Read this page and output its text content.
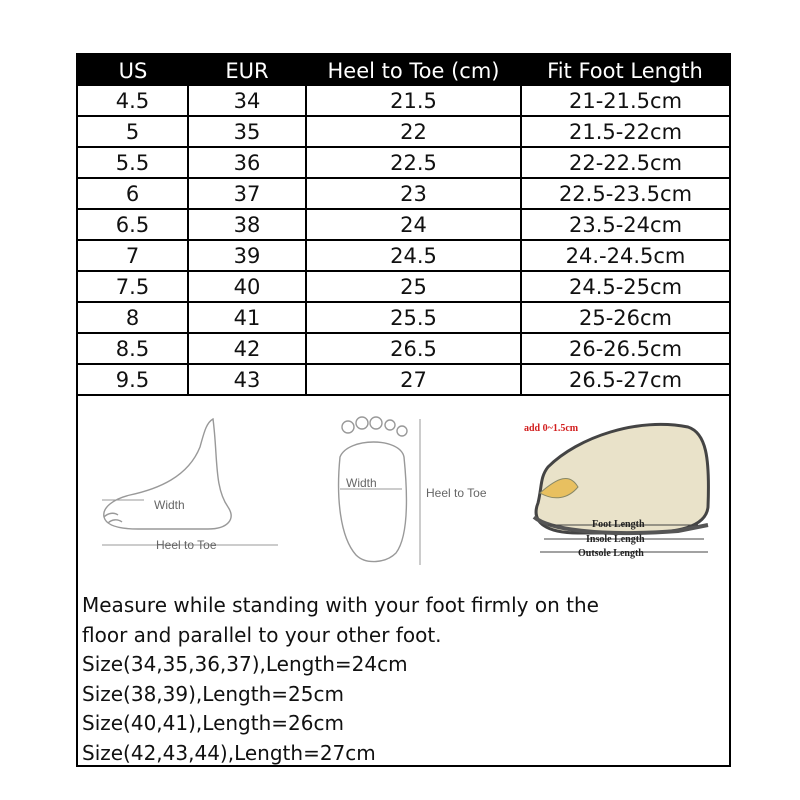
US	EUR	Heel to Toe (cm)	Fit Foot Length
4.5	34	21.5	21-21.5cm
5	35	22	21.5-22cm
5.5	36	22.5	22-22.5cm
6	37	23	22.5-23.5cm
6.5	38	24	23.5-24cm
7	39	24.5	24.-24.5cm
7.5	40	25	24.5-25cm
8	41	25.5	25-26cm
8.5	42	26.5	26-26.5cm
9.5	43	27	26.5-27cm
Width
Heel to Toe
Width
Heel to Toe
add 0~1.5cm
Foot Length
Insole Length
Outsole Length
Measure while standing with your foot firmly on the
floor and parallel to your other foot.
Size(34,35,36,37),Length=24cm
Size(38,39),Length=25cm
Size(40,41),Length=26cm
Size(42,43,44),Length=27cm
